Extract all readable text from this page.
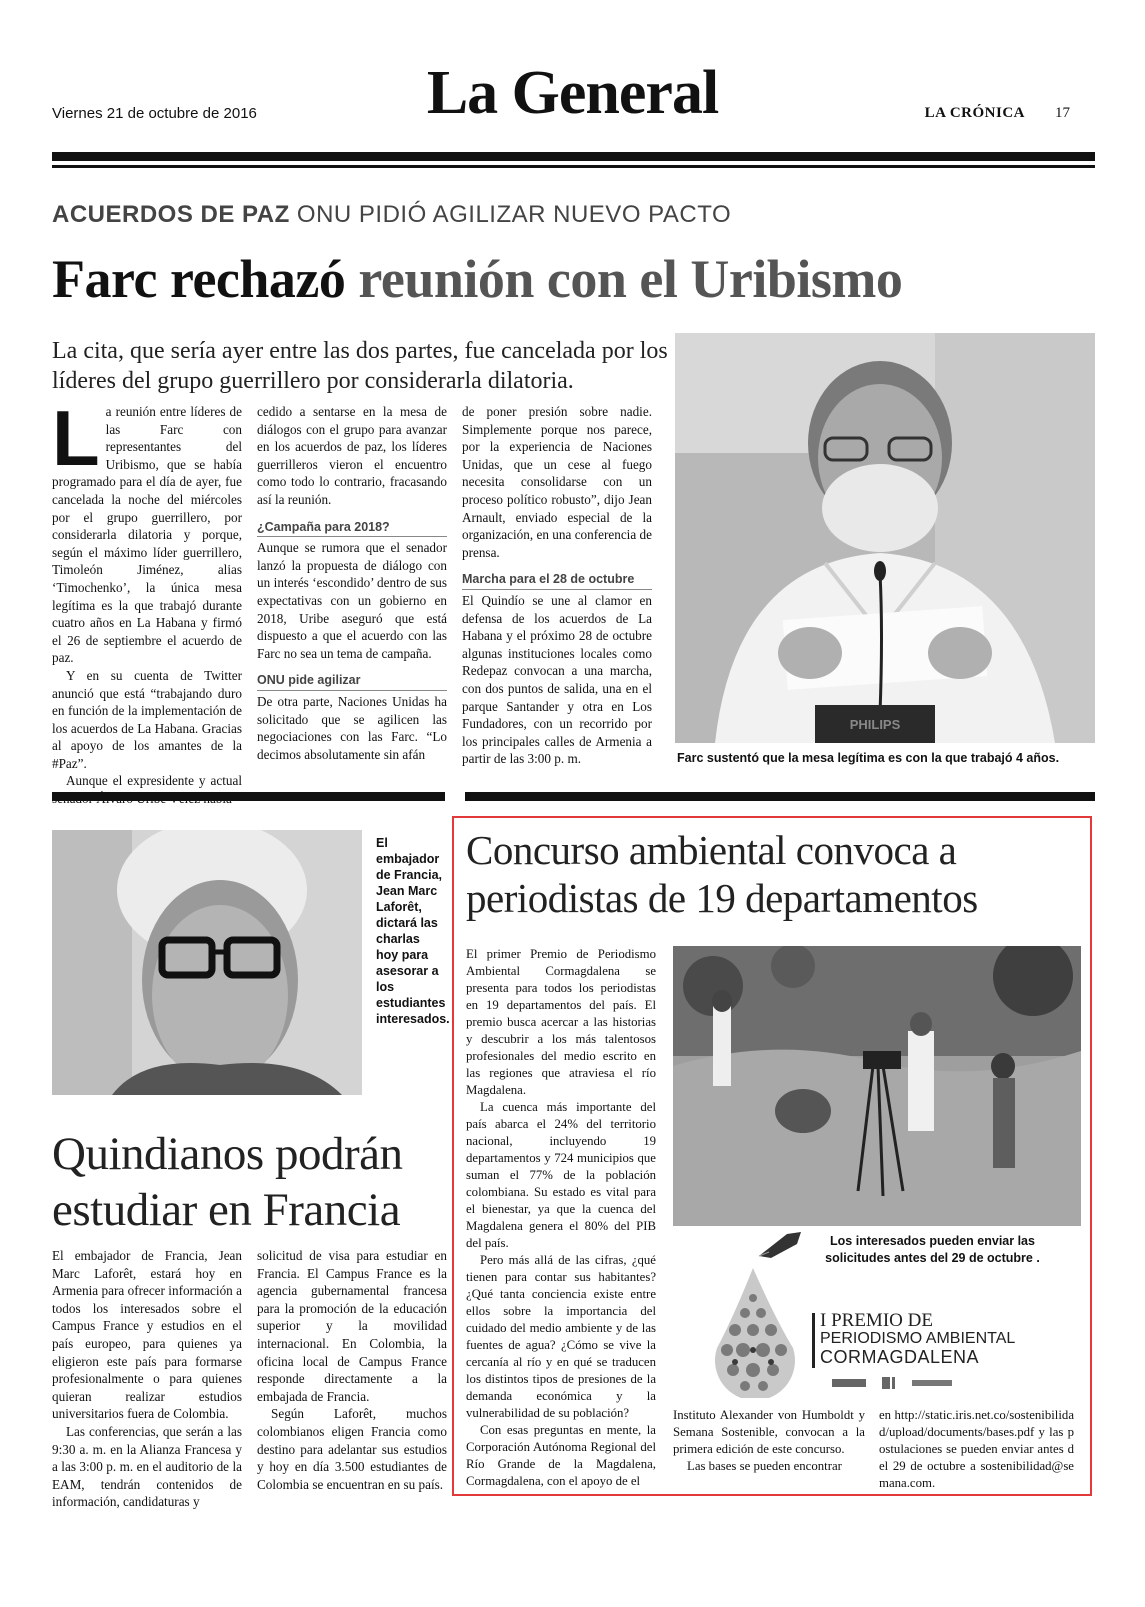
Viernes 21 de octubre de 2016	La General	LA CRÓNICA 17
ACUERDOS DE PAZ ONU PIDIÓ AGILIZAR NUEVO PACTO
Farc rechazó reunión con el Uribismo
La cita, que sería ayer entre las dos partes, fue cancelada por los líderes del grupo guerrillero por considerarla dilatoria.

La reunión entre líderes de las Farc con representantes del Uribismo, que se había programado para el día de ayer, fue cancelada la noche del miércoles por el grupo guerrillero, por considerarla dilatoria y porque, según el máximo líder guerrillero, Timoleón Jiménez, alias ‘Timochenko’, la única mesa legítima es la que trabajó durante cuatro años en La Habana y firmó el 26 de septiembre el acuerdo de paz.

Y en su cuenta de Twitter anunció que está “trabajando duro en función de la implementación de los acuerdos de La Habana. Gracias al apoyo de los amantes de la #Paz”.

Aunque el expresidente y actual

cedido a sentarse en la mesa de diálogos con el grupo para avanzar en los acuerdos de paz, los líderes guerrilleros vieron el encuentro como todo lo contrario, fracasando así la reunión.

¿Campaña para 2018?

Aunque se rumora que el senador lanzó la propuesta de diálogo con un interés ‘escondido’ dentro de sus expectativas con un gobierno en 2018, Uribe aseguró que está dispuesto a que el acuerdo con las Farc no sea un tema de campaña.

ONU pide agilizar

De otra parte, Naciones Unidas ha solicitado que se agilicen las negociaciones con las Farc. “Lo decimos absolutamente sin afán

de poner presión sobre nadie. Simplemente porque nos parece, por la experiencia de Naciones Unidas, que un cese al fuego necesita consolidarse con un proceso político robusto”, dijo Jean Arnault, enviado especial de la organización, en una conferencia de prensa.

Marcha para el 28 de octubre

El Quindío se une al clamor en defensa de los acuerdos de La Habana y el próximo 28 de octubre algunas instituciones locales como Redepaz convocan a una marcha, con dos puntos de salida, una en el parque Santander y otra en Los Fundadores, con un recorrido por los principales calles de Armenia a partir de las 3:00 p. m.

PHILIPS
Farc sustentó que la mesa legítima es con la que trabajó 4 años.
El embajador de Francia, Jean Marc Laforêt, dictará las charlas hoy para asesorar a los estudiantes interesados.
Quindianos podrán estudiar en Francia

El embajador de Francia, Jean Marc Laforêt, estará hoy en Armenia para ofrecer información a todos los interesados sobre el Campus France y estudios en el país europeo, para quienes ya eligieron este país para formarse profesionalmente o para quienes quieran realizar estudios universitarios fuera de Colombia.

Las conferencias, que serán a las 9:30 a. m. en la Alianza Francesa y a las 3:00 p. m. en el auditorio de la EAM, tendrán contenidos de información, candidaturas y

solicitud de visa para estudiar en Francia. El Campus France es la agencia gubernamental francesa para la promoción de la educación superior y la movilidad internacional. En Colombia, la oficina local de Campus France responde directamente a la embajada de Francia.

Según Laforêt, muchos colombianos eligen Francia como destino para adelantar sus estudios y hoy en día 3.500 estudiantes de Colombia se encuentran en su país.

Concurso ambiental convoca a periodistas de 19 departamentos

El primer Premio de Periodismo Ambiental Cormagdalena se presenta para todos los periodistas en 19 departamentos del país. El premio busca acercar a las historias y descubrir a los más talentosos profesionales del medio escrito en las regiones que atraviesa el río Magdalena.

La cuenca más importante del país abarca el 24% del territorio nacional, incluyendo 19 departamentos y 724 municipios que suman el 77% de la población colombiana. Su estado es vital para el bienestar, ya que la cuenca del Magdalena genera el 80% del PIB del país.

Pero más allá de las cifras, ¿qué tienen para contar sus habitantes? ¿Qué tanta conciencia existe entre ellos sobre la importancia del cuidado del medio ambiente y de las fuentes de agua? ¿Cómo se vive la cercanía al río y en qué se traducen los distintos tipos de presiones de la demanda económica y la vulnerabilidad de su población?

Con esas preguntas en mente, la Corporación Autónoma Regional del Río Grande de la Magdalena, Cormagdalena, con el apoyo de el

Los interesados pueden enviar las solicitudes antes del 29 de octubre .
I PREMIO DE
PERIODISMO AMBIENTAL
CORMAGDALENA

Instituto Alexander von Humboldt y Semana Sostenible, convocan a la primera edición de este concurso.

Las bases se pueden encontrar

en http://static.iris.net.co/sostenibilidad/upload/documents/bases.pdf y las postulaciones se pueden enviar antes del 29 de octubre a sostenibilidad@semana.com.
